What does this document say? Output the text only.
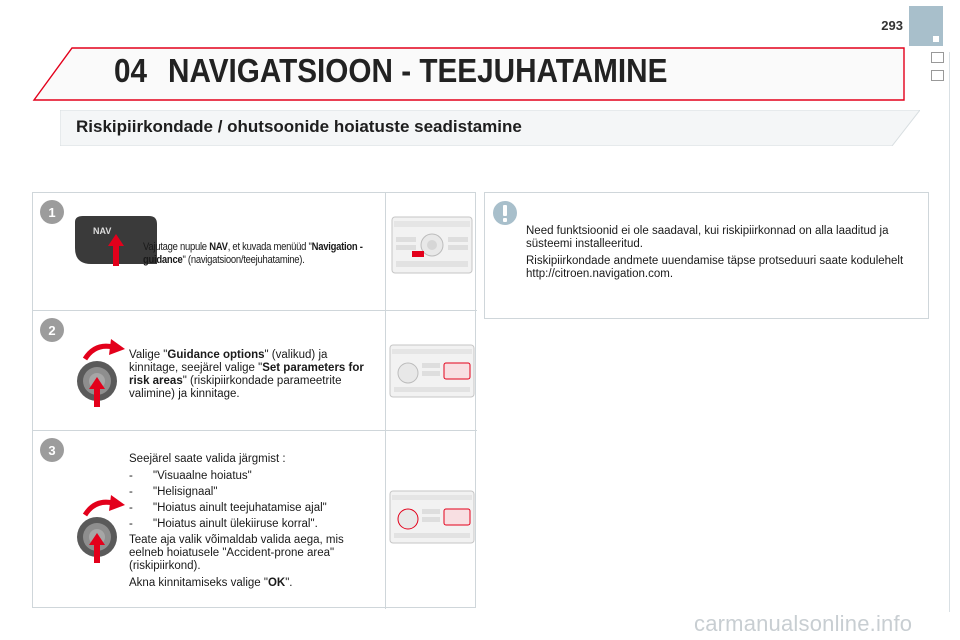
293
04 NAVIGATSIOON - TEEJUHATAMINE
Riskipiirkondade / ohutsoonide hoiatuste seadistamine
1
NAV
Vajutage nupule NAV, et kuvada menüüd "Navigation - guidance" (navigatsioon/teejuhatamine).
2
Valige "Guidance options" (valikud) ja kinnitage, seejärel valige "Set parameters for risk areas" (riskipiirkondade parameetrite valimine) ja kinnitage.
3
Seejärel saate valida järgmist :
- "Visuaalne hoiatus"
- "Helisignaal"
- "Hoiatus ainult teejuhatamise ajal"
- "Hoiatus ainult ülekiiruse korral".
Teate aja valik võimaldab valida aega, mis eelneb hoiatusele "Accident-prone area" (riskipiirkond).
Akna kinnitamiseks valige "OK".

Need funktsioonid ei ole saadaval, kui riskipiirkonnad on alla laaditud ja süsteemi installeeritud.

Riskipiirkondade andmete uuendamise täpse protseduuri saate kodulehelt http://citroen.navigation.com.

carmanualsonline.info
